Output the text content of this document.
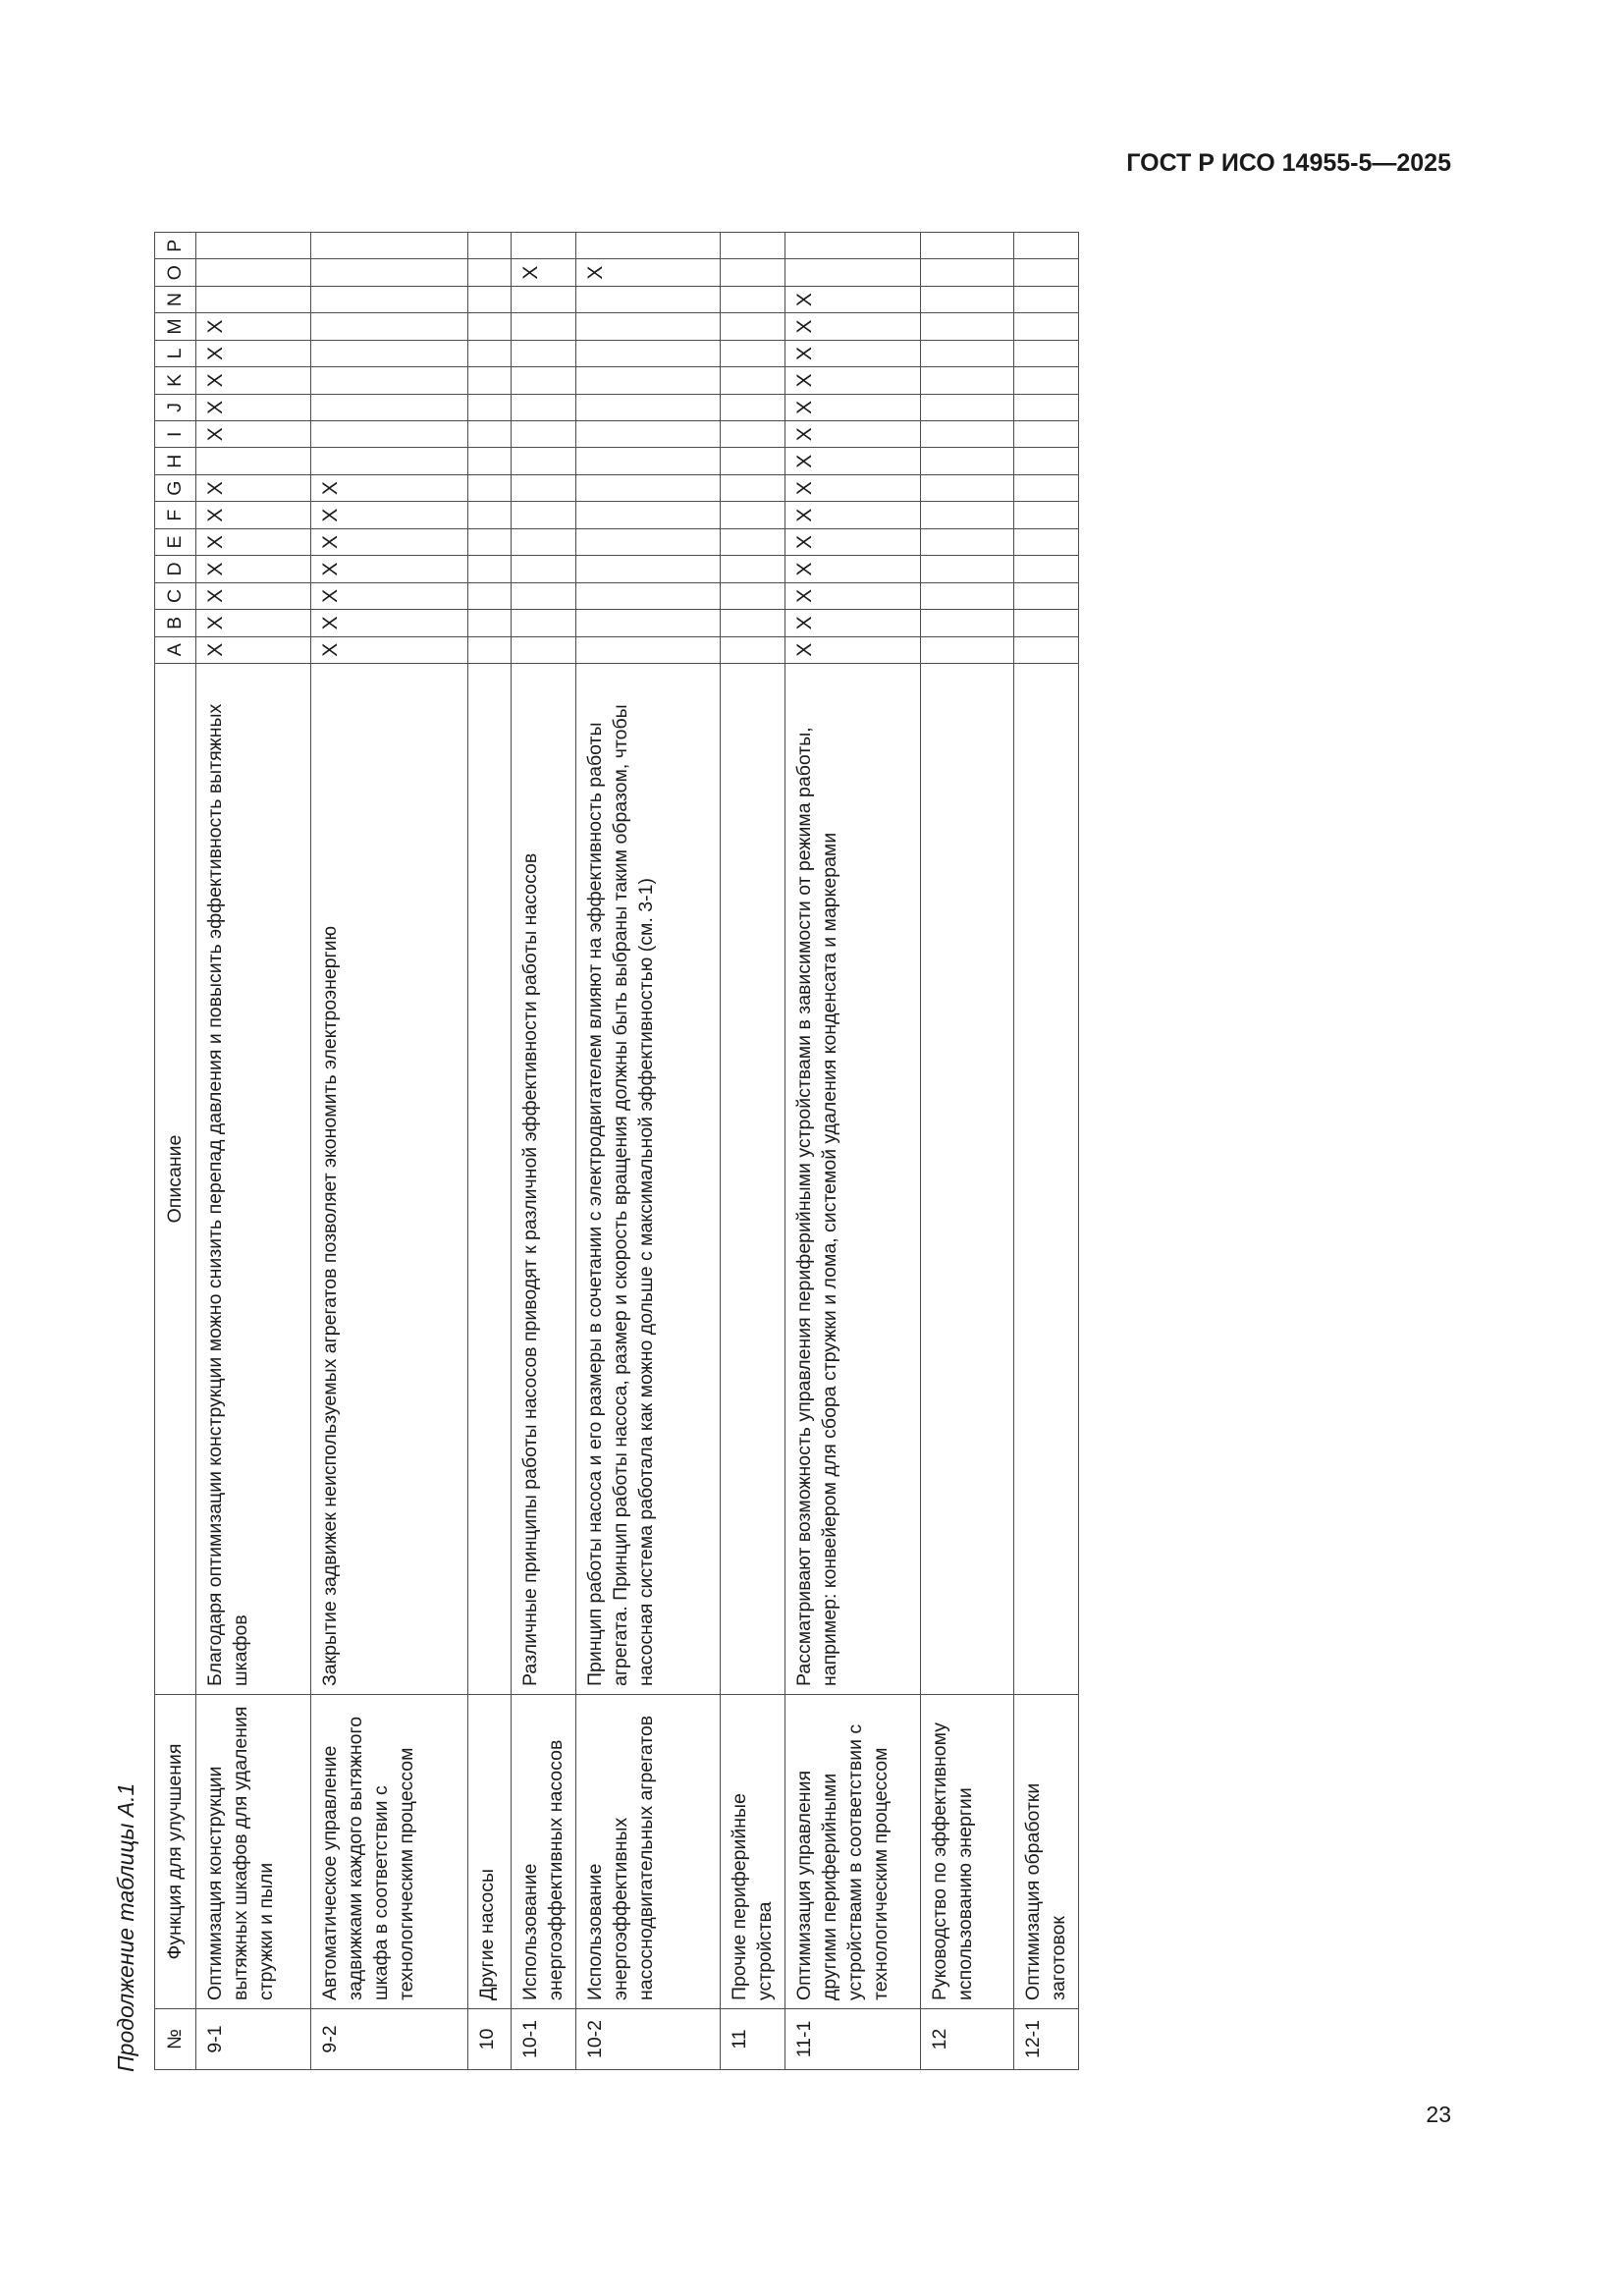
ГОСТ Р ИСО 14955-5—2025
Продолжение таблицы А.1 №	Функция для улучшения	Описание	A	B	C	D	E	F	G	H	I	J	K	L	M	N	O	P
9-1	Оптимизация конструкции вытяжных шкафов для удаления стружки и пыли	Благодаря оптимизации конструкции можно снизить перепад давления и повысить эффективность вытяжных шкафов	X	X	X	X	X	X	X		X	X	X	X	X			
9-2	Автоматическое управление задвижками каждого вытяжного шкафа в соответствии с технологическим процессом	Закрытие задвижек неиспользуемых агрегатов позволяет экономить электроэнергию	X	X	X	X	X	X	X									
10	Другие насосы																	
10-1	Использование энергоэффективных насосов	Различные принципы работы насосов приводят к различной эффективности работы насосов															X	
10-2	Использование энергоэффективных насоснодвигательных агрегатов	Принцип работы насоса и его размеры в сочетании с электродвигателем влияют на эффективность работы агрегата. Принцип работы насоса, размер и скорость вращения должны быть выбраны таким образом, чтобы насосная система работала как можно дольше с максимальной эффективностью (см. 3-1)															X	
11	Прочие периферийные устройства																	
11-1	Оптимизация управления другими периферийными устройствами в соответствии с технологическим процессом	Рассматривают возможность управления периферийными устройствами в зависимости от режима работы, например: конвейером для сбора стружки и лома, системой удаления конденсата и маркерами	X	X	X	X	X	X	X	X	X	X	X	X	X	X		
12	Руководство по эффективному использованию энергии																	
12-1	Оптимизация обработки заготовок																	
23
